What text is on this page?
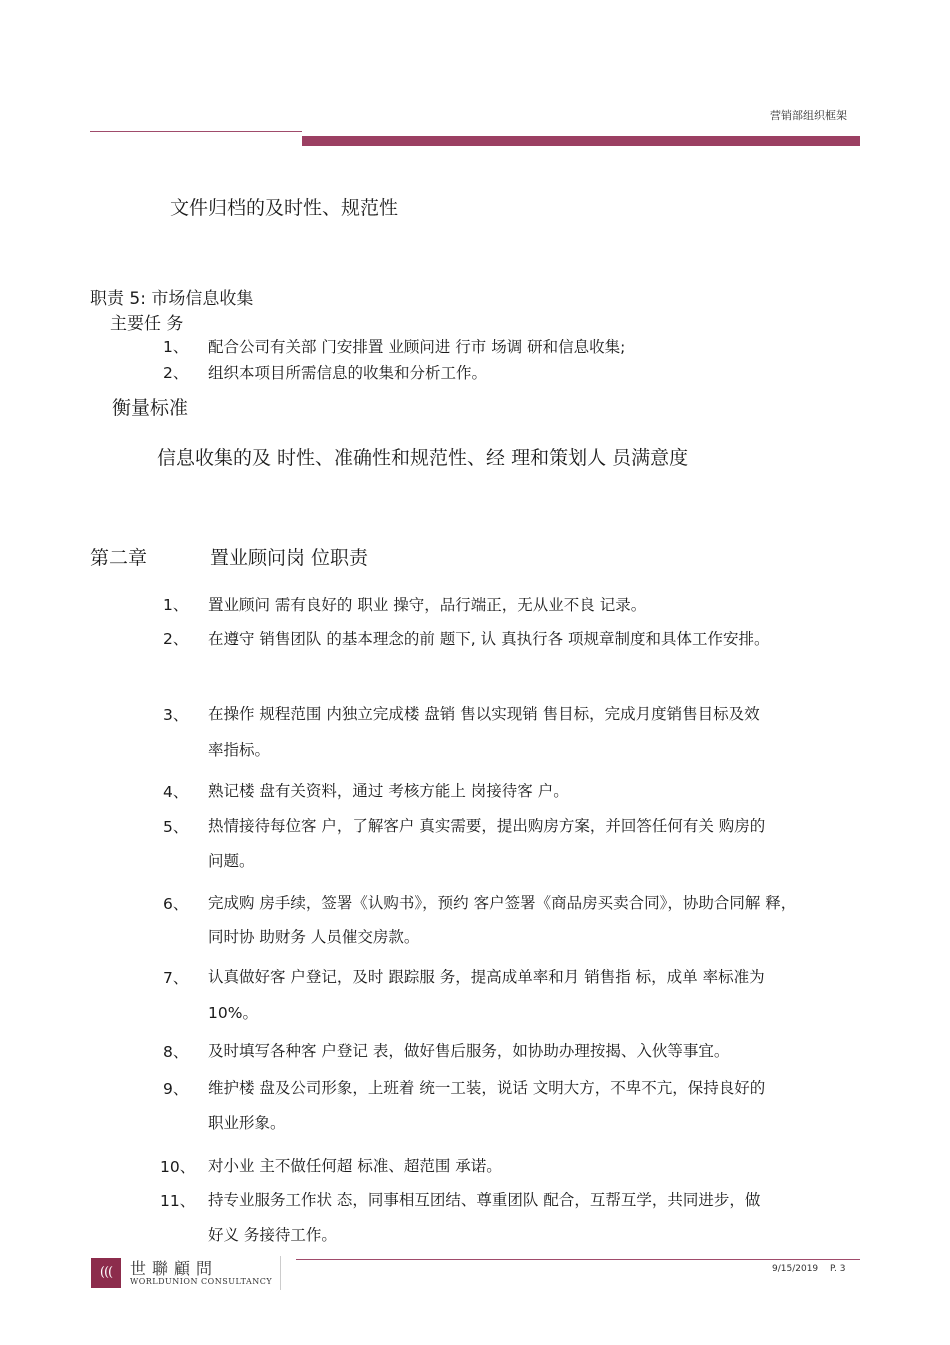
营销部组织框架
文件归档的及时性、规范性
职责 5: 市场信息收集
主要任 务
1、 配合公司有关部 门安排置 业顾问进 行市 场调 研和信息收集;
2、 组织本项目所需信息的收集和分析工作。
衡量标准
信息收集的及 时性、准确性和规范性、经 理和策划人 员满意度
第二章	置业顾问岗 位职责
1、 置业顾问 需有良好的 职业 操守，品行端正，无从业不良 记录。
2、 在遵守 销售团队 的基本理念的前 题下, 认 真执行各 项规章制度和具体工作安排。
3、 在操作 规程范围 内独立完成楼 盘销 售以实现销 售目标，完成月度销售目标及效
率指标。
4、 熟记楼 盘有关资料，通过 考核方能上 岗接待客 户。
5、 热情接待每位客 户，了解客户 真实需要，提出购房方案，并回答任何有关 购房的
问题。
6、 完成购 房手续，签署《认购书》，预约 客户签署《商品房买卖合同》，协助合同解 释，
同时协 助财务 人员催交房款。
7、 认真做好客 户登记，及时 跟踪服 务，提高成单率和月 销售指 标，成单 率标准为
10%。
8、 及时填写各种客 户登记 表，做好售后服务，如协助办理按揭、入伙等事宜。
9、 维护楼 盘及公司形象，上班着 统一工装，说话 文明大方，不卑不亢，保持良好的
职业形象。
10、 对小业 主不做任何超 标准、超范围 承诺。
11、 持专业服务工作状 态，同事相互团结、尊重团队 配合，互帮互学，共同进步，做
好义 务接待工作。
(((	世聯顧問
WORLDUNION CONSULTANCY
9/15/2019 P. 3
